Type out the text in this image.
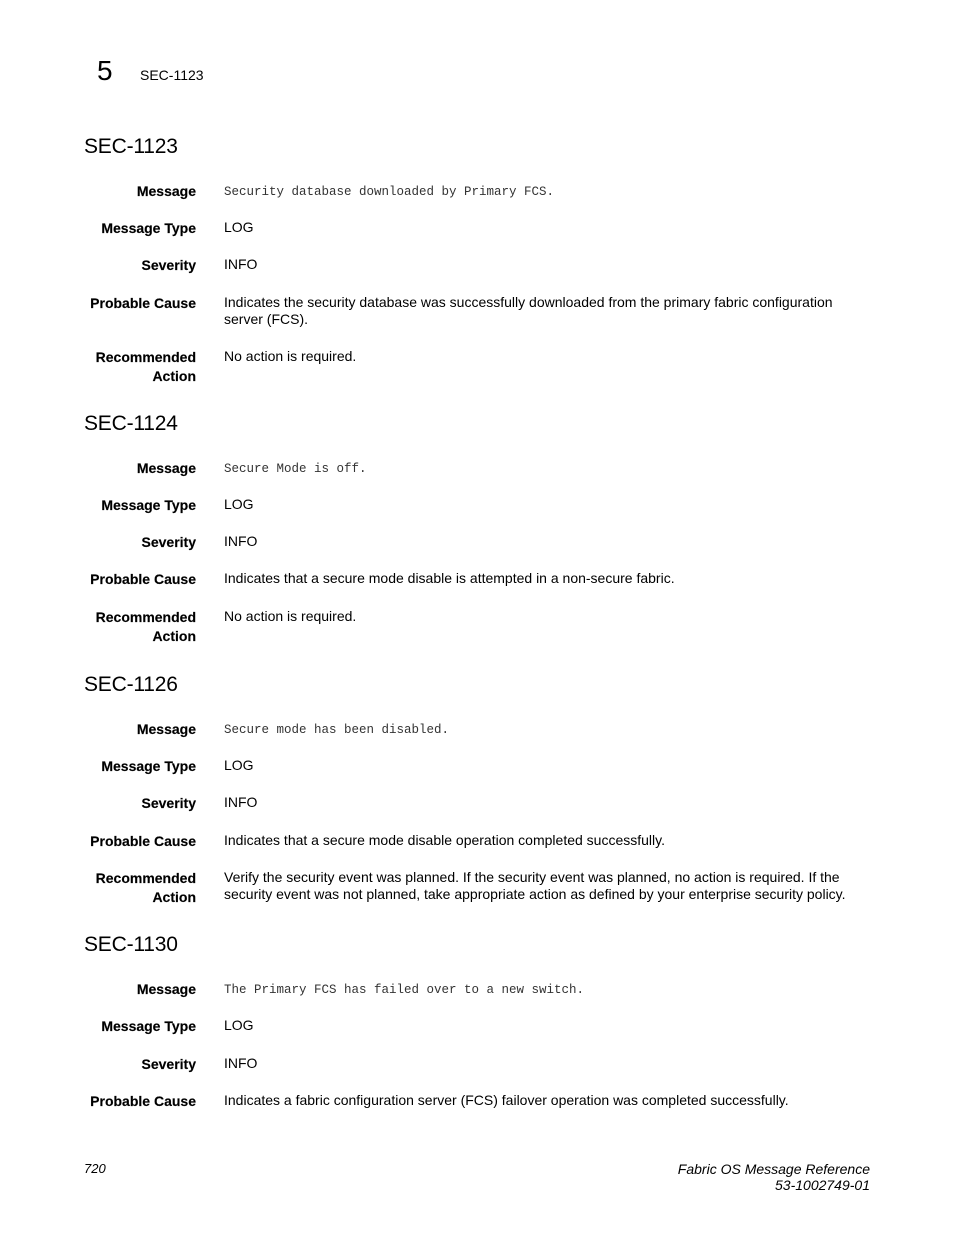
5 SEC-1123
SEC-1123
Message Security database downloaded by Primary FCS.
Message Type LOG
Severity INFO
Probable Cause Indicates the security database was successfully downloaded from the primary fabric configuration server (FCS).
Recommended Action
No action is required.
SEC-1124
Message Secure Mode is off.
Message Type LOG
Severity INFO
Probable Cause Indicates that a secure mode disable is attempted in a non-secure fabric.
Recommended Action
No action is required.
SEC-1126
Message Secure mode has been disabled.
Message Type LOG
Severity INFO
Probable Cause Indicates that a secure mode disable operation completed successfully.
Recommended Action
Verify the security event was planned. If the security event was planned, no action is required. If the security event was not planned, take appropriate action as defined by your enterprise security policy.
SEC-1130
Message The Primary FCS has failed over to a new switch.
Message Type LOG
Severity INFO
Probable Cause Indicates a fabric configuration server (FCS) failover operation was completed successfully.
720	Fabric OS Message Reference
53-1002749-01
